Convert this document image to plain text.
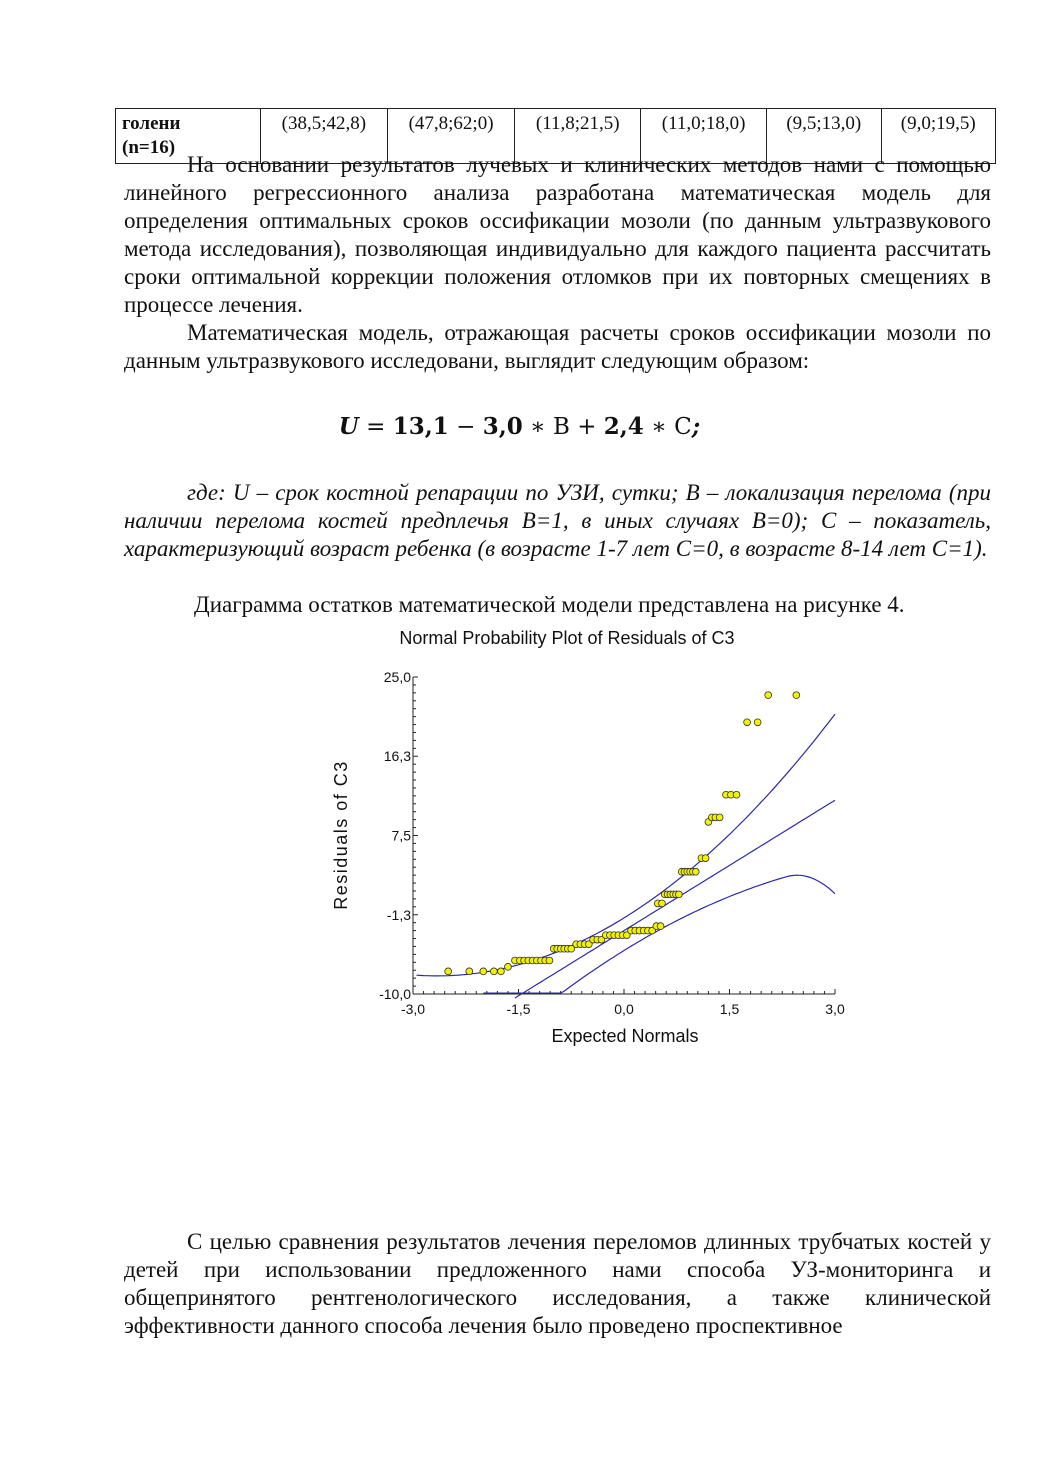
голени
(n=16)	(38,5;42,8)	(47,8;62;0)	(11,8;21,5)	(11,0;18,0)	(9,5;13,0)	(9,0;19,5)

На основании результатов лучевых и клинических методов нами с помощью линейного регрессионного анализа разработана математическая модель для определения оптимальных сроков оссификации мозоли (по данным ультразвукового метода исследования), позволяющая индивидуально для каждого пациента рассчитать сроки оптимальной коррекции положения отломков при их повторных смещениях в процессе лечения.

Математическая модель, отражающая расчеты сроков оссификации мозоли по данным ультразвукового исследовани, выглядит следующим образом:

U = 13,1 − 3,0 ∗ В + 2,4 ∗ С;

где: U – срок костной репарации по УЗИ, сутки; В – локализация перелома (при наличии перелома костей предплечья В=1, в иных случаях В=0); С – показатель, характеризующий возраст ребенка (в возрасте 1-7 лет С=0, в возрасте 8-14 лет С=1).

Диаграмма остатков математической модели представлена на рисунке 4.

Normal Probability Plot of Residuals of C3
Residuals of C3
Expected Normals
-10,0
-1,3
7,5
16,3
25,0
-3,0	-1,5	0,0	1,5	3,0

С целью сравнения результатов лечения переломов длинных трубчатых костей у детей при использовании предложенного нами способа УЗ-мониторинга и общепринятого рентгенологического исследования, а также клинической эффективности данного способа лечения было проведено проспективное
